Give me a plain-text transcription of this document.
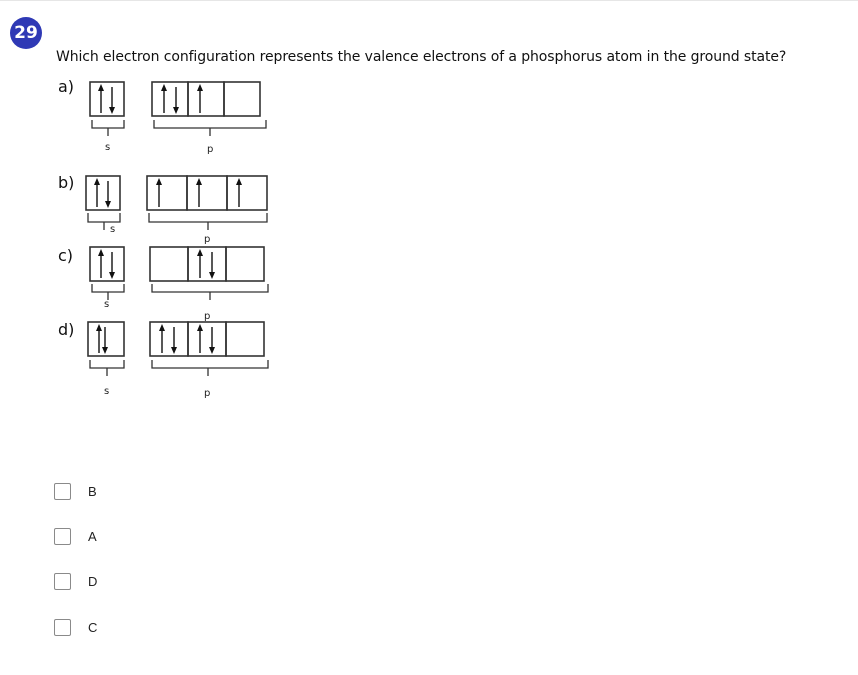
29
Which electron configuration represents the valence electrons of a phosphorus atom in the ground state?
a)
s	p
b)
s
p
c)
s
p
d)
s	p
B
A
D
C
